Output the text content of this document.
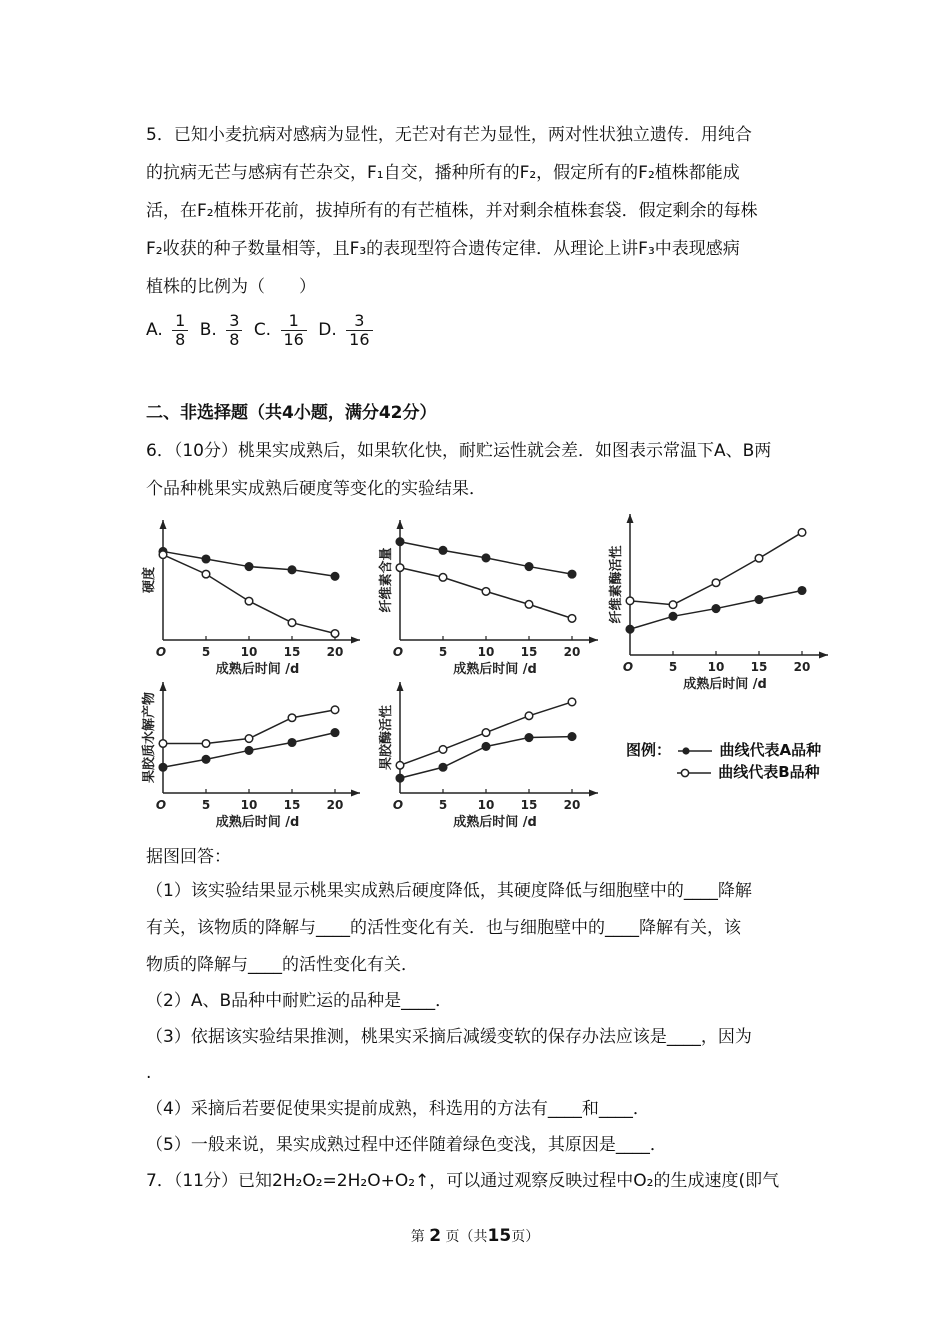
5．已知小麦抗病对感病为显性，无芒对有芒为显性，两对性状独立遗传．用纯合
的抗病无芒与感病有芒杂交，F₁自交，播种所有的F₂，假定所有的F₂植株都能成
活，在F₂植株开花前，拔掉所有的有芒植株，并对剩余植株套袋．假定剩余的每株
F₂收获的种子数量相等，且F₃的表现型符合遗传定律．从理论上讲F₃中表现感病
植株的比例为（　　）
A. $\frac{1}{8} B$. $\frac{3}{8} C$. $\frac{1}{16} D$. $\frac{3}{16}$
二、非选择题（共4小题，满分42分）
6．（10分）桃果实成熟后，如果软化快，耐贮运性就会差．如图表示常温下A、B两
个品种桃果实成熟后硬度等变化的实验结果．
5	10 15 20
O
成熟后时间 /d
硬度
5	10 15 20
O
成熟后时间 /d
纤维素含量
5	10 15 20
O
成熟后时间 /d
纤维素酶活性
5	10 15 20
O
成熟后时间 /d
果胶质水解产物
5	10 15 20
O
成熟后时间 /d
果胶酶活性	图例：	曲线代表A品种
曲线代表B品种
据图回答：
（1）该实验结果显示桃果实成熟后硬度降低，其硬度降低与细胞壁中的____降解
有关，该物质的降解与____的活性变化有关．也与细胞壁中的____降解有关，该
物质的降解与____的活性变化有关．
（2）A、B品种中耐贮运的品种是____．
（3）依据该实验结果推测，桃果实采摘后减缓变软的保存办法应该是____，因为
.
（4）采摘后若要促使果实提前成熟，科选用的方法有____和____．
（5）一般来说，果实成熟过程中还伴随着绿色变浅，其原因是____．
7．（11分）已知2H₂O₂=2H₂O+O₂↑，可以通过观察反映过程中O₂的生成速度(即气
第 2 页（共15页）
